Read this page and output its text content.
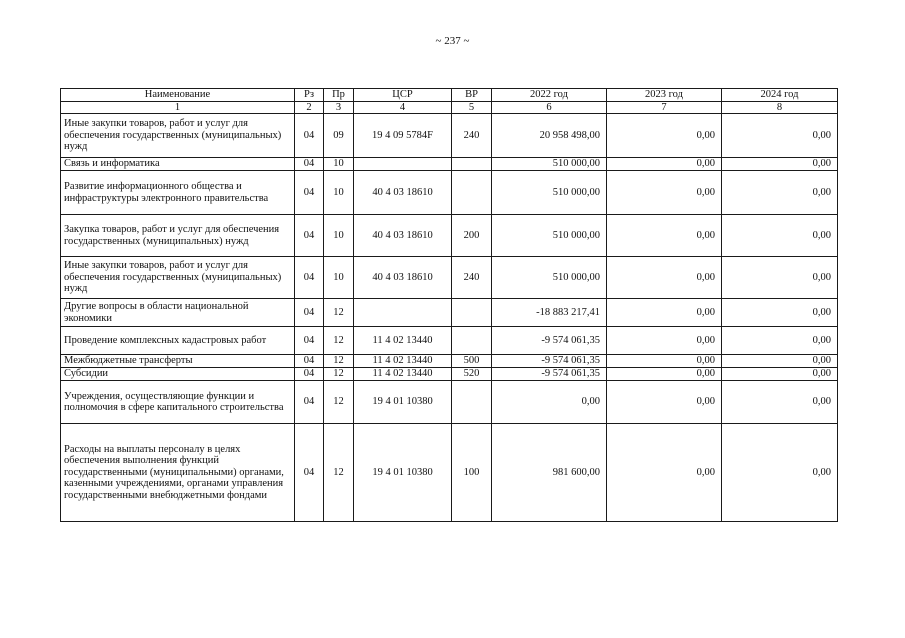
~ 237 ~
Наименование	Рз	Пр	ЦСР	ВР	2022 год	2023 год	2024 год
1	2	3	4	5	6	7	8
Иные закупки товаров, работ и услуг для обеспечения государственных (муниципальных) нужд	04	09	19 4 09 5784F	240	20 958 498,00	0,00	0,00
Связь и информатика	04	10			510 000,00	0,00	0,00
Развитие информационного общества и инфраструктуры электронного правительства	04	10	40 4 03 18610		510 000,00	0,00	0,00
Закупка товаров, работ и услуг для обеспечения государственных (муниципальных) нужд	04	10	40 4 03 18610	200	510 000,00	0,00	0,00
Иные закупки товаров, работ и услуг для обеспечения государственных (муниципальных) нужд	04	10	40 4 03 18610	240	510 000,00	0,00	0,00
Другие вопросы в области национальной экономики	04	12			-18 883 217,41	0,00	0,00
Проведение комплексных кадастровых работ	04	12	11 4 02 13440		-9 574 061,35	0,00	0,00
Межбюджетные трансферты	04	12	11 4 02 13440	500	-9 574 061,35	0,00	0,00
Субсидии	04	12	11 4 02 13440	520	-9 574 061,35	0,00	0,00
Учреждения, осуществляющие функции и полномочия в сфере капитального строительства	04	12	19 4 01 10380		0,00	0,00	0,00
Расходы на выплаты персоналу в целях обеспечения выполнения функций государственными (муниципальными) органами, казенными учреждениями, органами управления государственными внебюджетными фондами	04	12	19 4 01 10380	100	981 600,00	0,00	0,00
